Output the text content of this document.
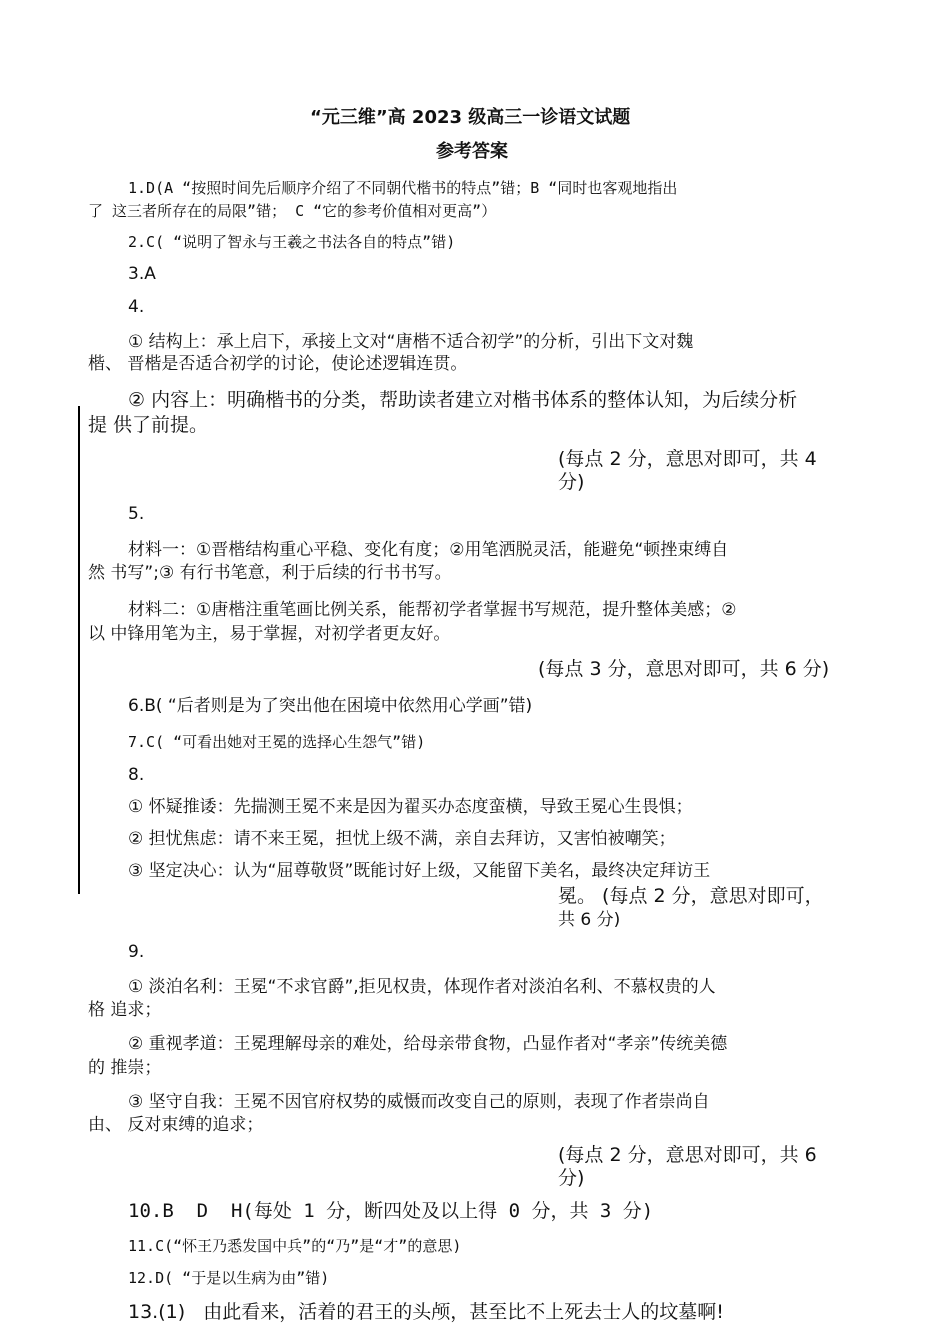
“元三维”高 2023 级高三一诊语文试题
参考答案
1.D(A “按照时间先后顺序介绍了不同朝代楷书的特点”错；B “同时也客观地指出
了 这三者所存在的局限”错； C “它的参考价值相对更高”）
2.C( “说明了智永与王羲之书法各自的特点”错)
3.A
4.
① 结构上：承上启下，承接上文对“唐楷不适合初学”的分析，引出下文对魏
楷、 晋楷是否适合初学的讨论，使论述逻辑连贯。
② 内容上：明确楷书的分类，帮助读者建立对楷书体系的整体认知，为后续分析
提 供了前提。
(每点 2 分，意思对即可，共 4
分)
5.
材料一：①晋楷结构重心平稳、变化有度；②用笔洒脱灵活，能避免“顿挫束缚自
然 书写”;③ 有行书笔意，利于后续的行书书写。
材料二：①唐楷注重笔画比例关系，能帮初学者掌握书写规范，提升整体美感；②
以 中锋用笔为主，易于掌握，对初学者更友好。
(每点 3 分，意思对即可，共 6 分)
6.B( “后者则是为了突出他在困境中依然用心学画”错)
7.C( “可看出她对王冕的选择心生怨气”错)
8.
① 怀疑推诿：先揣测王冕不来是因为翟买办态度蛮横，导致王冕心生畏惧；
② 担忧焦虑：请不来王冕，担忧上级不满，亲自去拜访，又害怕被嘲笑；
③ 坚定决心：认为“屈尊敬贤”既能讨好上级，又能留下美名，最终决定拜访王
冕。 (每点 2 分，意思对即可，
共 6 分)
9.
① 淡泊名利：王冕“不求官爵”,拒见权贵，体现作者对淡泊名利、不慕权贵的人
格 追求；
② 重视孝道：王冕理解母亲的难处，给母亲带食物，凸显作者对“孝亲”传统美德
的 推崇；
③ 坚守自我：王冕不因官府权势的威慑而改变自己的原则，表现了作者崇尚自
由、 反对束缚的追求；
(每点 2 分，意思对即可，共 6
分)
10.B  D  H(每处 1 分，断四处及以上得 0 分，共 3 分)
11.C(“怀王乃悉发国中兵”的“乃”是“才”的意思)
12.D( “于是以生病为由”错)
13.(1)   由此看来，活着的君王的头颅，甚至比不上死去士人的坟墓啊!
